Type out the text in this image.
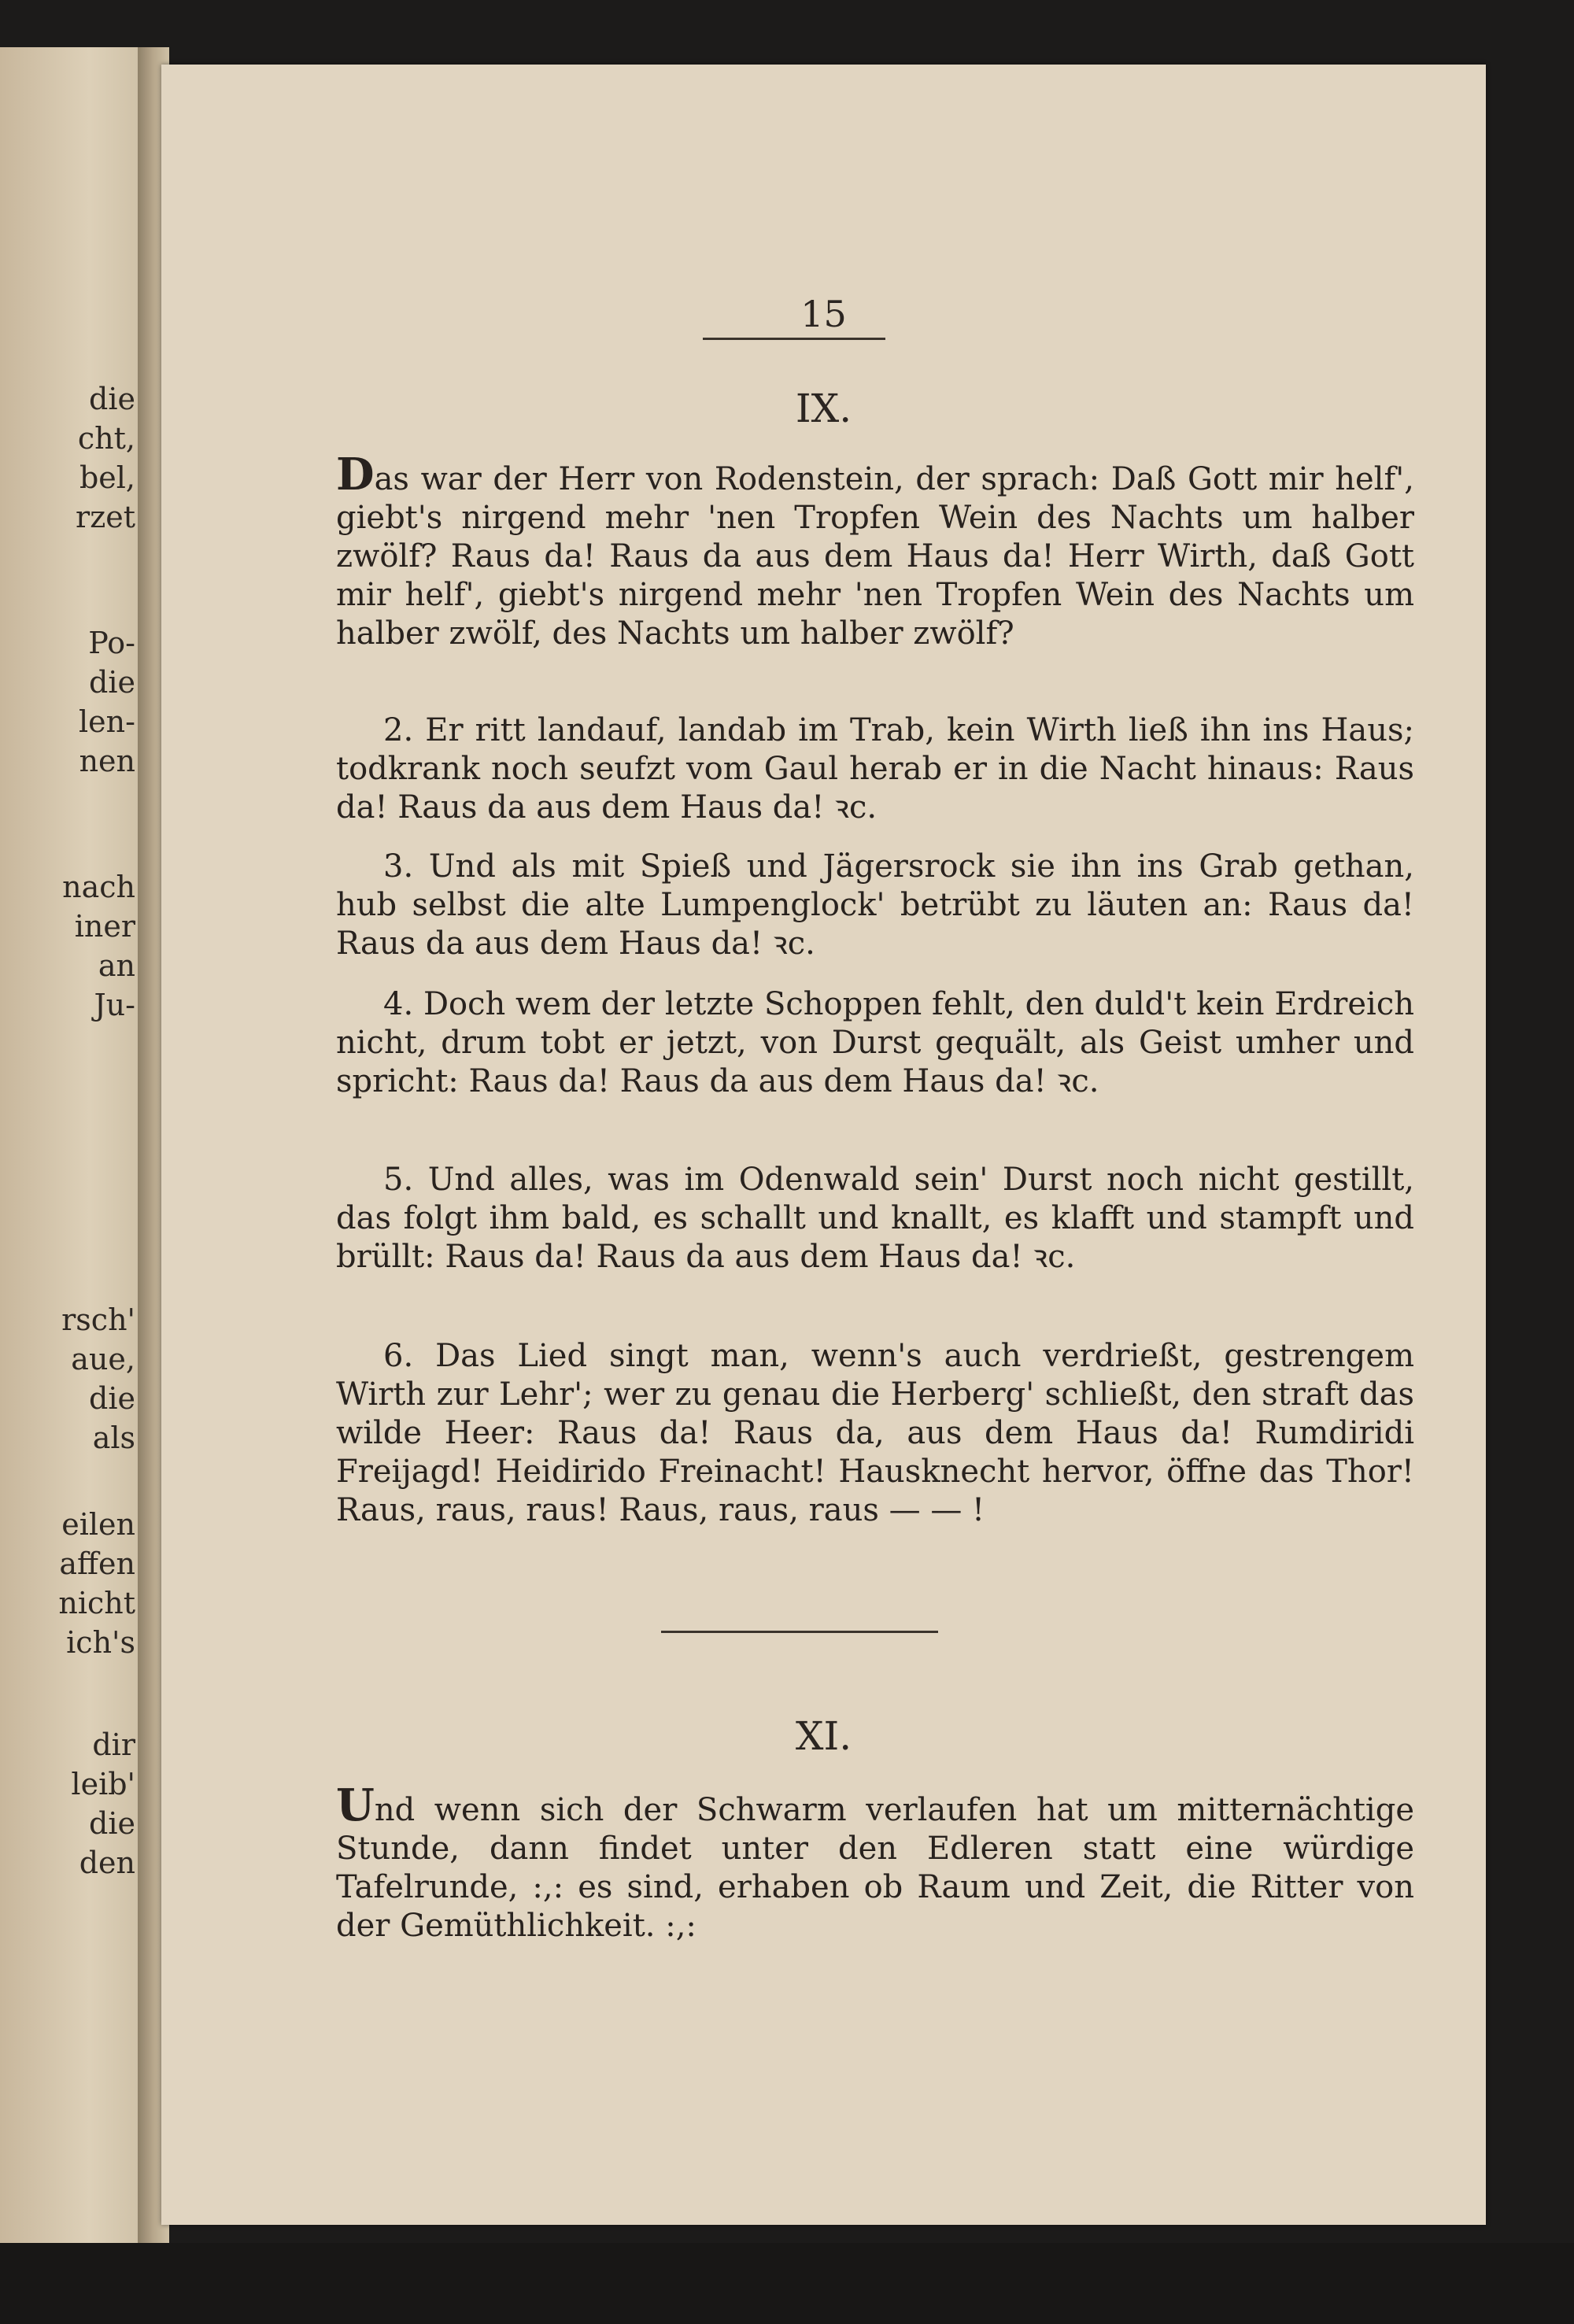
die
cht,
bel,
rzet
Po-
die
len-
nen
nach
iner
an
Ju-
rsch'
aue,
die
als
eilen
affen
nicht
ich's
dir
leib'
die
den
15
IX.

Das war der Herr von Rodenstein, der sprach: Daß Gott mir helf', giebt's nirgend mehr 'nen Tropfen Wein des Nachts um halber zwölf? Raus da! Raus da aus dem Haus da! Herr Wirth, daß Gott mir helf', giebt's nirgend mehr 'nen Tropfen Wein des Nachts um halber zwölf, des Nachts um halber zwölf?

2. Er ritt landauf, landab im Trab, kein Wirth ließ ihn ins Haus; todkrank noch seufzt vom Gaul herab er in die Nacht hinaus: Raus da! Raus da aus dem Haus da! ꝛc.

3. Und als mit Spieß und Jägersrock sie ihn ins Grab gethan, hub selbst die alte Lumpenglock' betrübt zu läuten an: Raus da! Raus da aus dem Haus da! ꝛc.

4. Doch wem der letzte Schoppen fehlt, den duld't kein Erdreich nicht, drum tobt er jetzt, von Durst gequält, als Geist umher und spricht: Raus da! Raus da aus dem Haus da! ꝛc.

5. Und alles, was im Odenwald sein' Durst noch nicht gestillt, das folgt ihm bald, es schallt und knallt, es klafft und stampft und brüllt: Raus da! Raus da aus dem Haus da! ꝛc.

6. Das Lied singt man, wenn's auch verdrießt, gestrengem Wirth zur Lehr'; wer zu genau die Herberg' schließt, den straft das wilde Heer: Raus da! Raus da, aus dem Haus da! Rumdiridi Freijagd! Heidirido Freinacht! Hausknecht hervor, öffne das Thor! Raus, raus, raus! Raus, raus, raus — — !

XI.

Und wenn sich der Schwarm verlaufen hat um mitternächtige Stunde, dann findet unter den Edleren statt eine würdige Tafelrunde, :,: es sind, erhaben ob Raum und Zeit, die Ritter von der Gemüthlichkeit. :,:
